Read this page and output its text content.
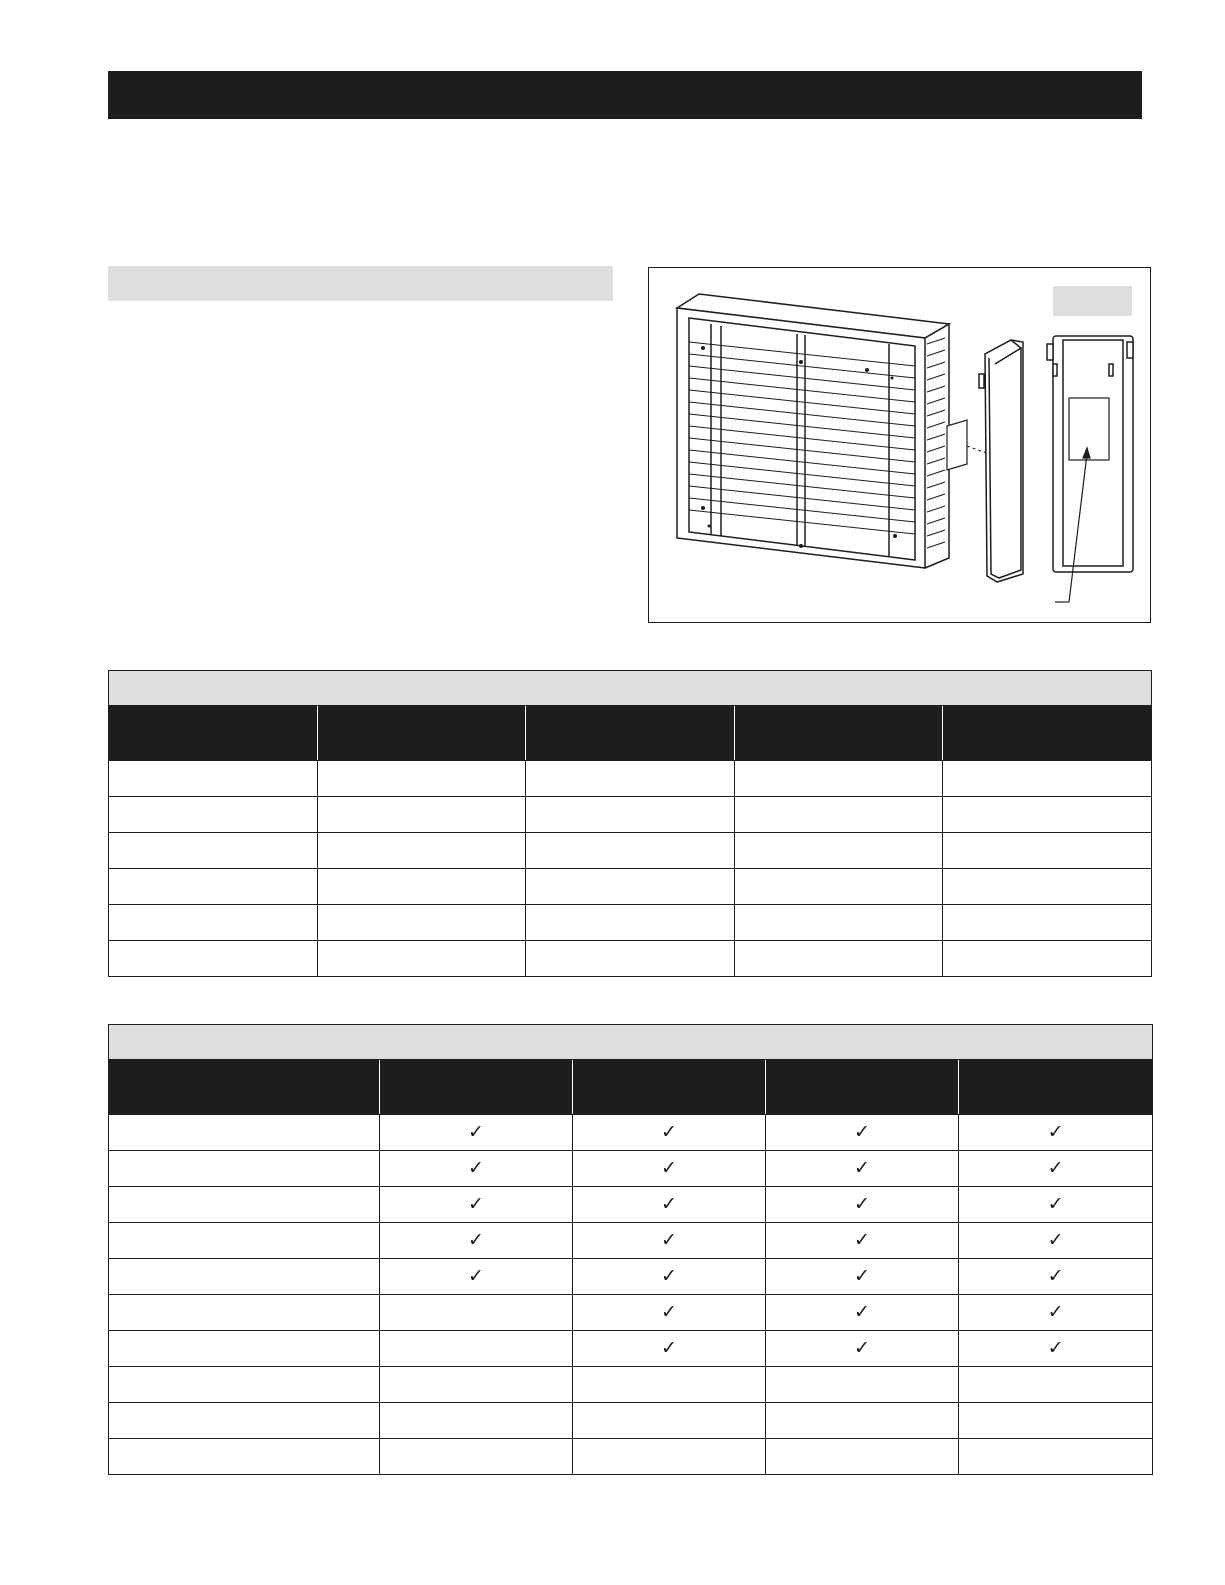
	✓	✓	✓	✓
	✓	✓	✓	✓
	✓	✓	✓	✓
	✓	✓	✓	✓
	✓	✓	✓	✓
		✓	✓	✓
		✓	✓	✓
